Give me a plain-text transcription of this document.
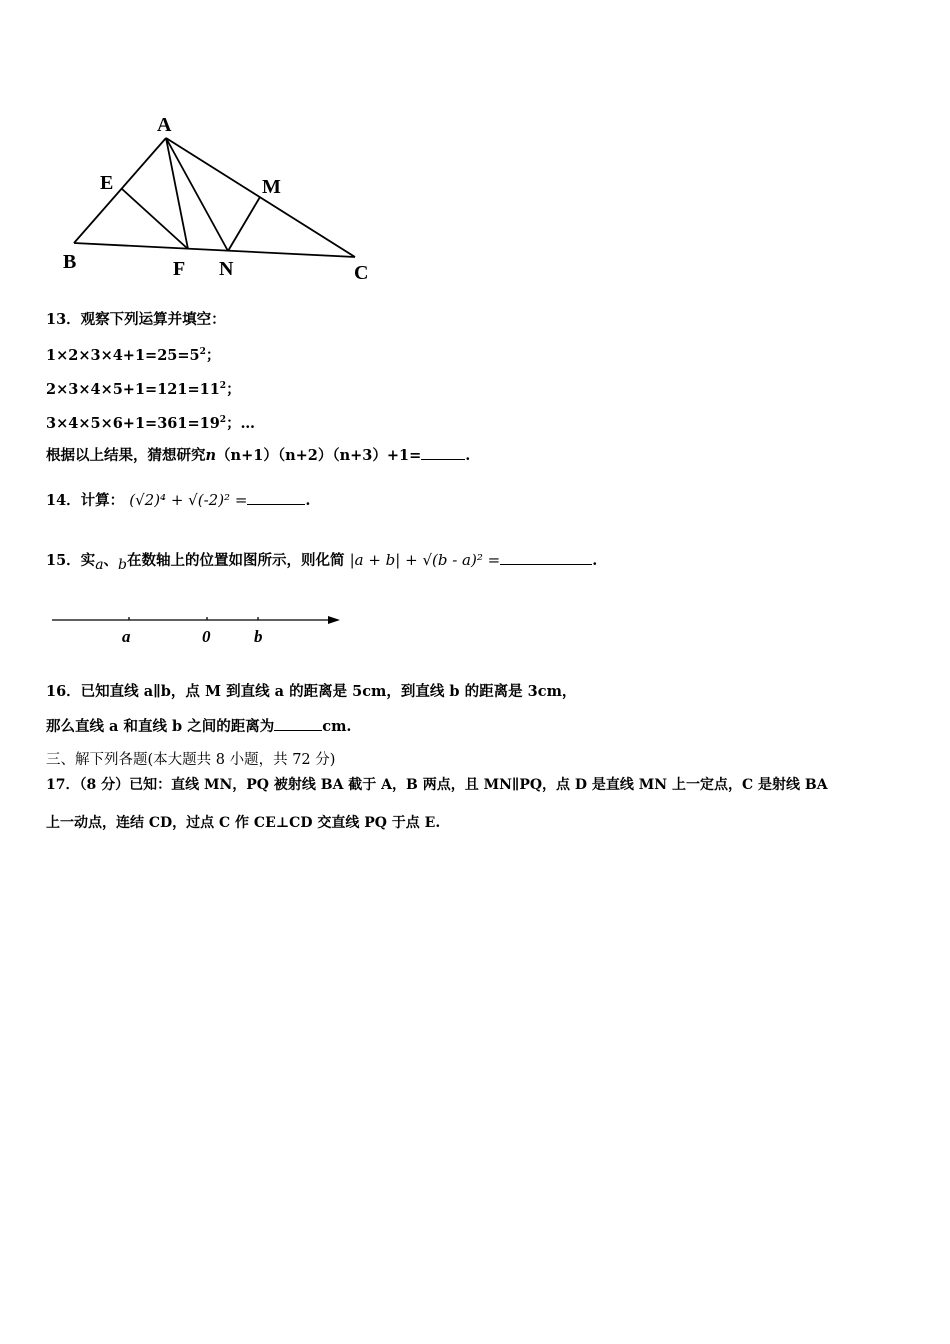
A
E	M
B	F N	C
13．观察下列运算并填空：
$1\times 2\times 3\times 4+1=25=5^2$；
$2\times 3\times 4\times 5+1=121=11^2$；
$3\times 4\times 5\times 6+1=361=19^2$；…
根据以上结果，猜想研究n（n+1）（n+2）（n+3）+1=	.
14．计算： (√2)⁴ + √(-2)² =	.
15．实a、b在数轴上的位置如图所示，则化简 |a + b| + √(b - a)² =	.
a	0	b
16．已知直线 a∥b，点 M 到直线 a 的距离是 5cm，到直线 b 的距离是 3cm，
那么直线 a 和直线 b 之间的距离为	cm.
三、解下列各题(本大题共 8 小题，共 72 分)
17．（8 分）已知：直线 MN，PQ 被射线 BA 截于 A，B 两点，且 MN∥PQ，点 D 是直线 MN 上一定点，C 是射线 BA
上一动点，连结 CD，过点 C 作 CE⊥CD 交直线 PQ 于点 E.
